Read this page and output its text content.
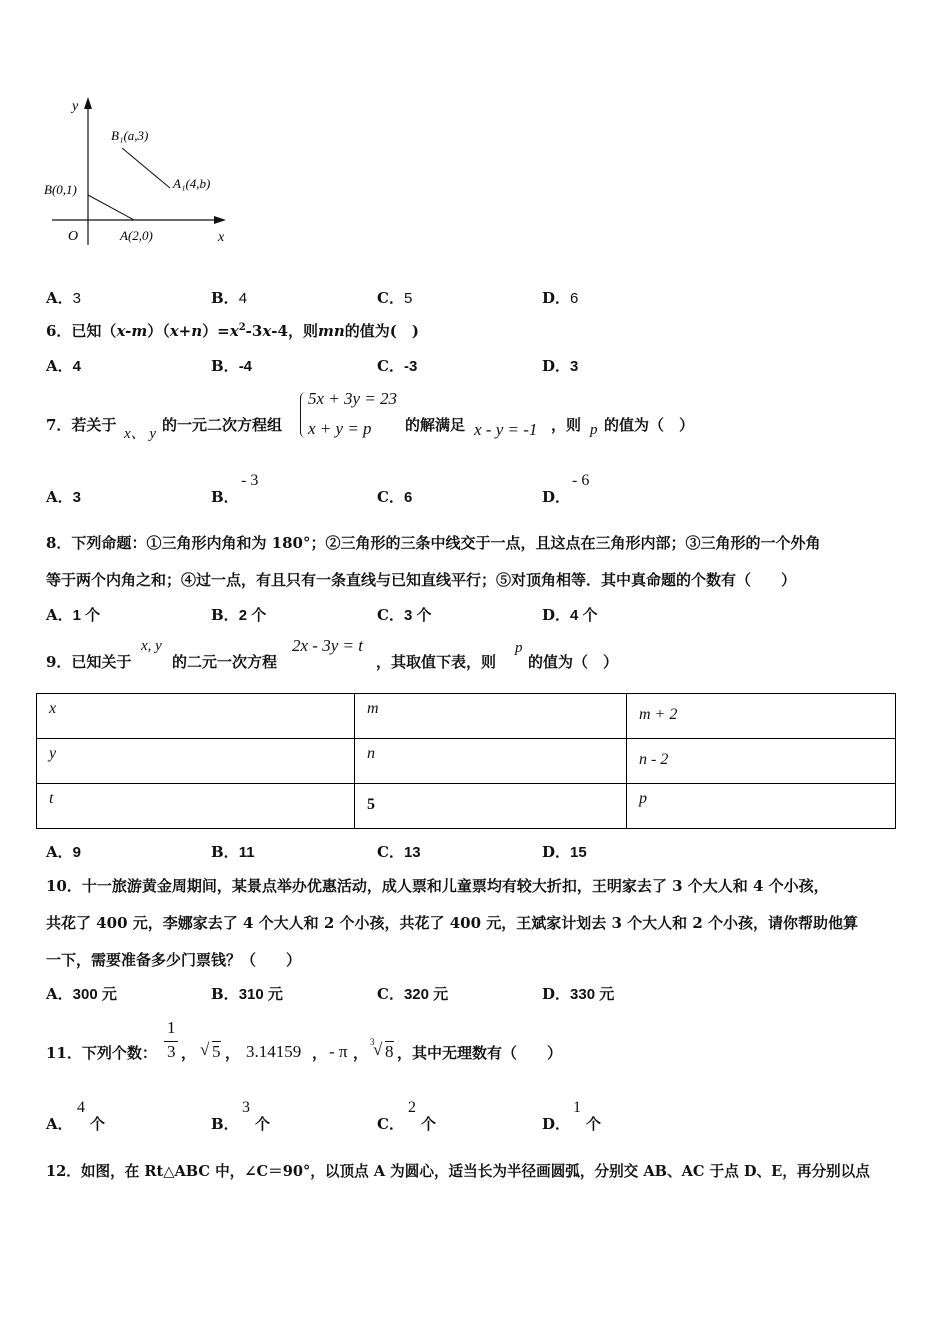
y
x
O
B₁(a,3)
A₁(4,b)
B(0,1)
A(2,0)
A．3	B．4	C．5	D．6
6．已知$(x-m)(x+n)=x^2-3x-4$，则mn的值为(　)
A．4	B．-4	C．-3	D．3
7．若关于 x、 y 的一元二次方程组
5x + 3y = 23
x + y = p 的解满足 x - y = -1 ，则 p 的值为（　）
A．3	B．
- 3
C．6	D．
- 6
8．下列命题：①三角形内角和为 180°；②三角形的三条中线交于一点，且这点在三角形内部；③三角形的一个外角
等于两个内角之和；④过一点，有且只有一条直线与已知直线平行；⑤对顶角相等．其中真命题的个数有（　　）
A．1 个	B．2 个	C．3 个	D．4 个
9．已知关于
x, y
的二元一次方程
2x - 3y = t
，其取值下表，则
p
的值为（　）
x	m	m + 2
y	n	n - 2
t	5	p
A．9	B．11	C．13	D．15
10．十一旅游黄金周期间，某景点举办优惠活动，成人票和儿童票均有较大折扣，王明家去了 3 个大人和 4 个小孩，
共花了 400 元，李娜家去了 4 个大人和 2 个小孩，共花了 400 元，王斌家计划去 3 个大人和 2 个小孩，请你帮助他算
一下，需要准备多少门票钱？（　　）
A．300 元	B．310 元	C．320 元	D．330 元
11．下列个数：
1
3 ， √ 5 ， 3.14159 ， - π ，
3
√ 8 ，其中无理数有（　　）
A．
4
个	B．
3
个	C．
2
个	D．
1
个
12．如图，在 Rt△ABC 中，∠C＝90°，以顶点 A 为圆心，适当长为半径画圆弧，分别交 AB、AC 于点 D、E，再分别以点
